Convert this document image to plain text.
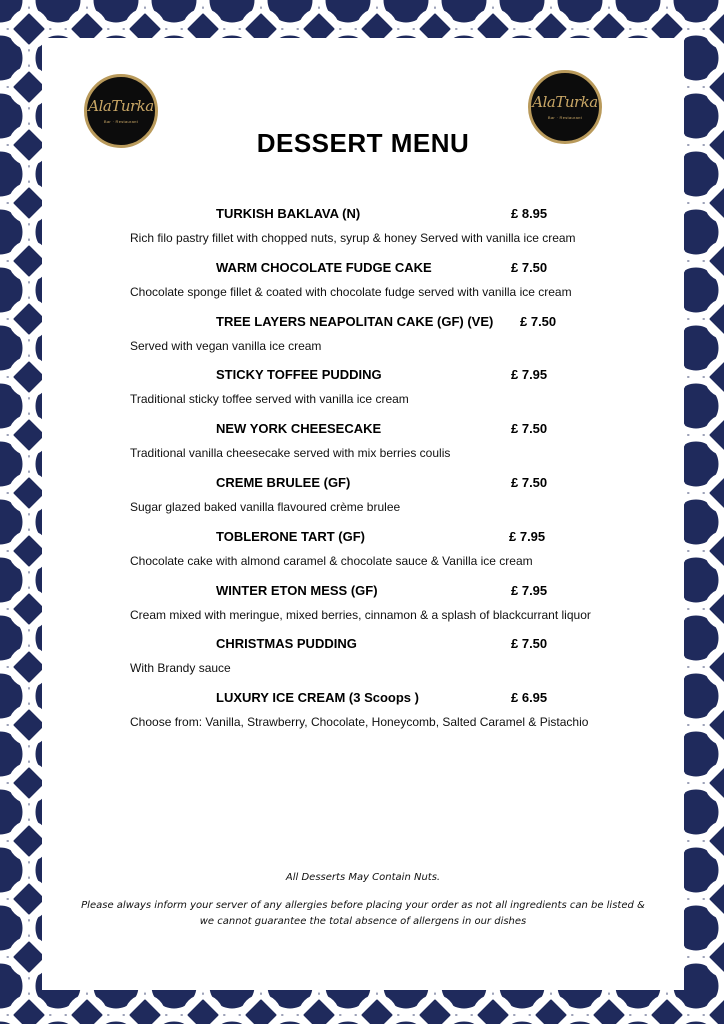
AlaTurka
Bar · Restaurant
AlaTurka
Bar · Restaurant
DESSERT MENU
TURKISH BAKLAVA (N)	£ 8.95
Rich filo pastry fillet with chopped nuts, syrup & honey Served with vanilla ice cream
WARM CHOCOLATE FUDGE CAKE	£ 7.50
Chocolate sponge fillet & coated with chocolate fudge served with vanilla ice cream
TREE LAYERS NEAPOLITAN CAKE (GF) (VE) £ 7.50
Served with vegan vanilla ice cream
STICKY TOFFEE PUDDING	£ 7.95
Traditional sticky toffee served with vanilla ice cream
NEW YORK CHEESECAKE	£ 7.50
Traditional vanilla cheesecake served with mix berries coulis
CREME BRULEE (GF)	£ 7.50
Sugar glazed baked vanilla flavoured crème brulee
TOBLERONE TART (GF)	£ 7.95
Chocolate cake with almond caramel & chocolate sauce & Vanilla ice cream
WINTER ETON MESS (GF)	£ 7.95
Cream mixed with meringue, mixed berries, cinnamon & a splash of blackcurrant liquor
CHRISTMAS PUDDING	£ 7.50
With Brandy sauce
LUXURY ICE CREAM (3 Scoops )	£ 6.95
Choose from: Vanilla, Strawberry, Chocolate, Honeycomb, Salted Caramel & Pistachio
All Desserts May Contain Nuts.
Please always inform your server of any allergies before placing your order as not all ingredients can be listed &
we cannot guarantee the total absence of allergens in our dishes
